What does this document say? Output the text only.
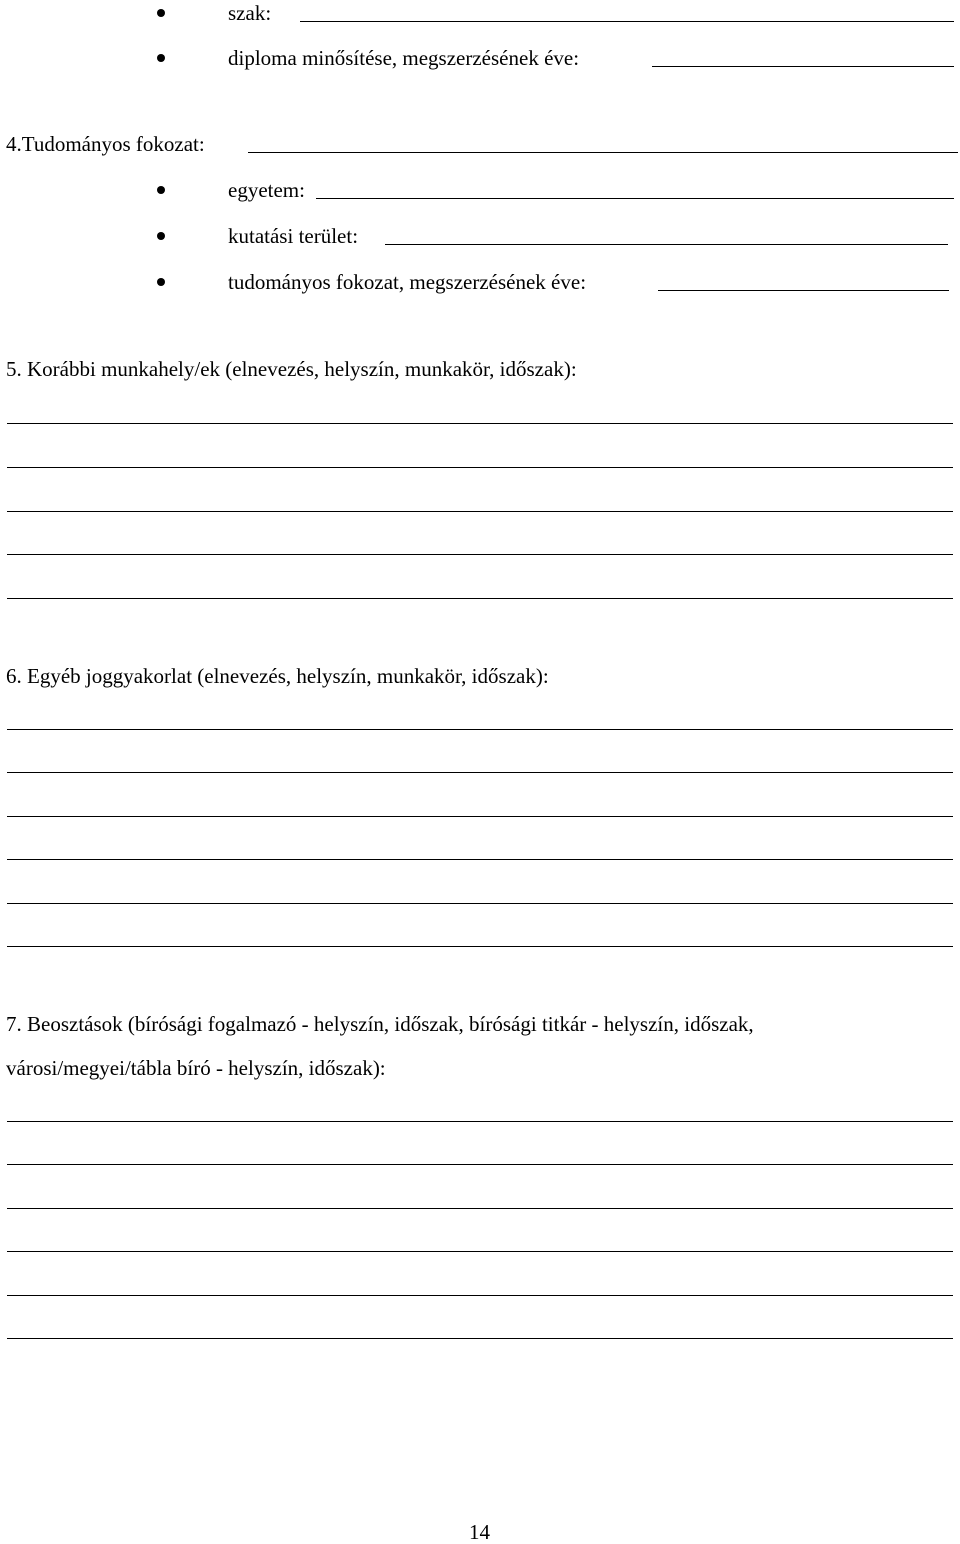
szak:
diploma minősítése, megszerzésének éve:
4.Tudományos fokozat:
egyetem:
kutatási terület:
tudományos fokozat, megszerzésének éve:
5. Korábbi munkahely/ek (elnevezés, helyszín, munkakör, időszak):
6. Egyéb joggyakorlat (elnevezés, helyszín, munkakör, időszak):
7. Beosztások (bírósági fogalmazó - helyszín, időszak, bírósági titkár - helyszín, időszak,
városi/megyei/tábla bíró - helyszín, időszak):
14
